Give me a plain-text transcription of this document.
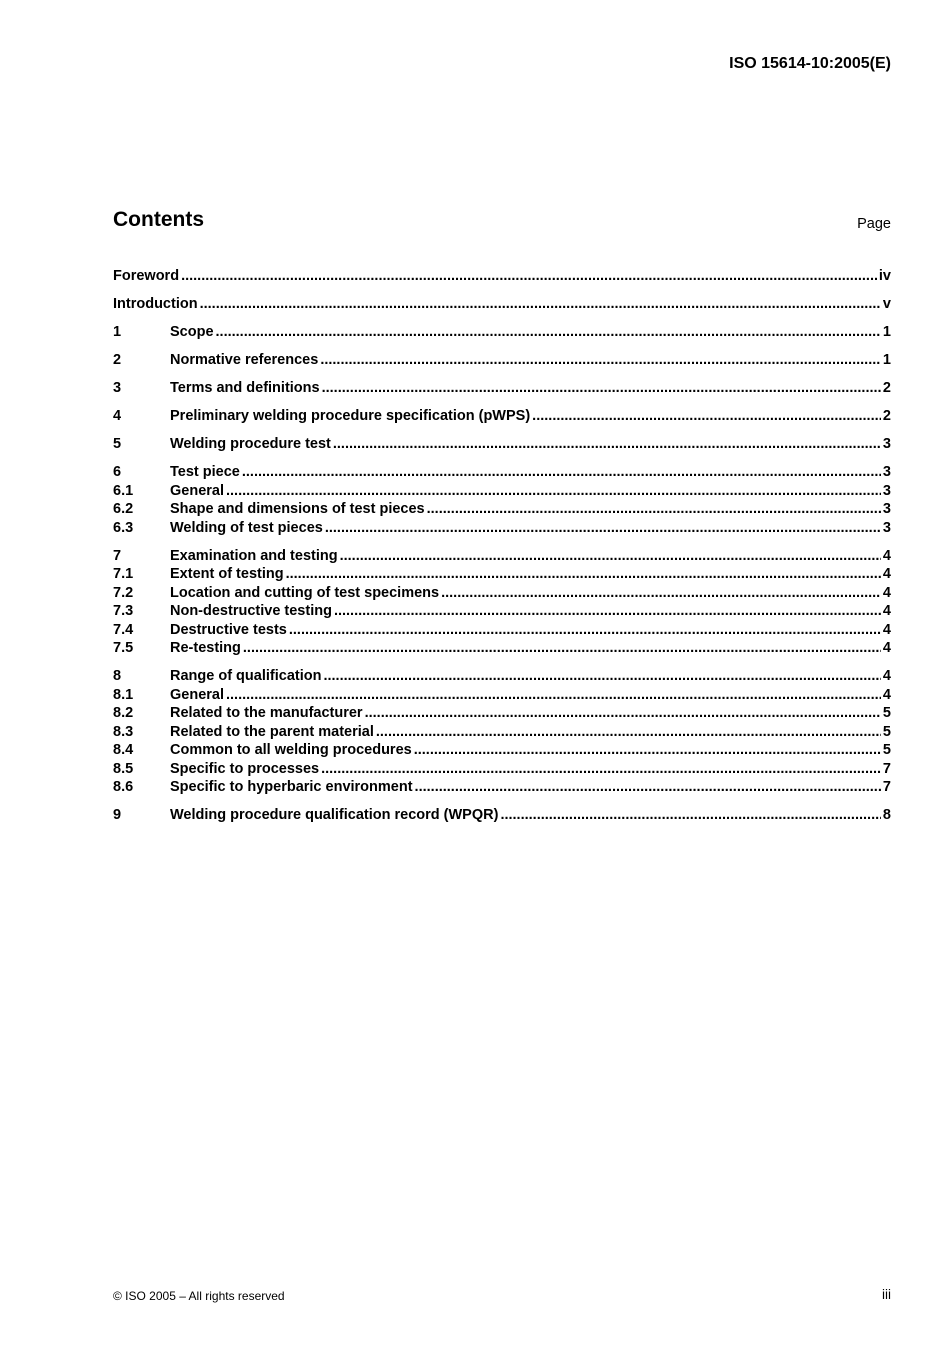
ISO 15614-10:2005(E)
Contents	Page
Foreword .....	iv
Introduction .....	v
1	Scope .....	1
2	Normative references .....	1
3	Terms and definitions .....	2
4	Preliminary welding procedure specification (pWPS) .....	2
5	Welding procedure test .....	3
6	Test piece .....	3
6.1	General .....	3
6.2	Shape and dimensions of test pieces .....	3
6.3	Welding of test pieces .....	3
7	Examination and testing .....	4
7.1	Extent of testing .....	4
7.2	Location and cutting of test specimens .....	4
7.3	Non-destructive testing .....	4
7.4	Destructive tests .....	4
7.5	Re-testing .....	4
8	Range of qualification .....	4
8.1	General .....	4
8.2	Related to the manufacturer .....	5
8.3	Related to the parent material .....	5
8.4	Common to all welding procedures .....	5
8.5	Specific to processes .....	7
8.6	Specific to hyperbaric environment .....	7
9	Welding procedure qualification record (WPQR) .....	8
© ISO 2005 – All rights reserved	iii
